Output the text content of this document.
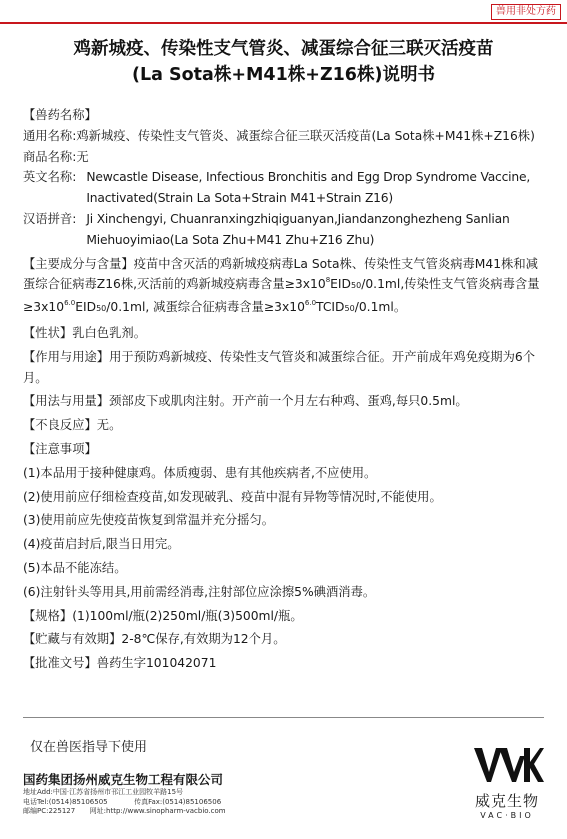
兽用非处方药
鸡新城疫、传染性支气管炎、减蛋综合征三联灭活疫苗
(La Sota株+M41株+Z16株)说明书
【兽药名称】
通用名称: 鸡新城疫、传染性支气管炎、减蛋综合征三联灭活疫苗(La Sota株+M41株+Z16株)
商品名称: 无
英文名称: Newcastle Disease, Infectious Bronchitis and Egg Drop Syndrome Vaccine, Inactivated(Strain La Sota+Strain M41+Strain Z16)
汉语拼音: Ji Xinchengyi, Chuanranxingzhiqiguanyan,Jiandanzonghezheng Sanlian Miehuoyimiao(La Sota Zhu+M41 Zhu+Z16 Zhu)
【主要成分与含量】疫苗中含灭活的鸡新城疫病毒La Sota株、传染性支气管炎病毒M41株和减蛋综合征病毒Z16株,灭活前的鸡新城疫病毒含量$\ge 3x10^8EID50/0.1ml$,传染性支气管炎病毒含量$\ge 3x10^{6.0}EID50/0.1ml$, 减蛋综合征病毒含量$\ge 3x10^{6.0}TCID50/0.1ml$。
【性状】乳白色乳剂。
【作用与用途】用于预防鸡新城疫、传染性支气管炎和减蛋综合征。开产前成年鸡免疫期为6个月。
【用法与用量】颈部皮下或肌肉注射。开产前一个月左右种鸡、蛋鸡,每只0.5ml。
【不良反应】无。
【注意事项】
(1)本品用于接种健康鸡。体质瘦弱、患有其他疾病者,不应使用。
(2)使用前应仔细检查疫苗,如发现破乳、疫苗中混有异物等情况时,不能使用。
(3)使用前应先使疫苗恢复到常温并充分摇匀。
(4)疫苗启封后,限当日用完。
(5)本品不能冻结。
(6)注射针头等用具,用前需经消毒,注射部位应涂擦5%碘酒消毒。
【规格】(1)100ml/瓶(2)250ml/瓶(3)500ml/瓶。
【贮藏与有效期】2-8℃保存,有效期为12个月。
【批准文号】兽药生字101042071
仅在兽医指导下使用
国药集团扬州威克生物工程有限公司
地址Add:中国·江苏省扬州市邗江工业园牧羊路15号
电话Tel:(0514)85106505	传真Fax:(0514)85106506
邮编PC:225127 网址:http://www.sinopharm-vacbio.com
威克生物
VAC·BIO
